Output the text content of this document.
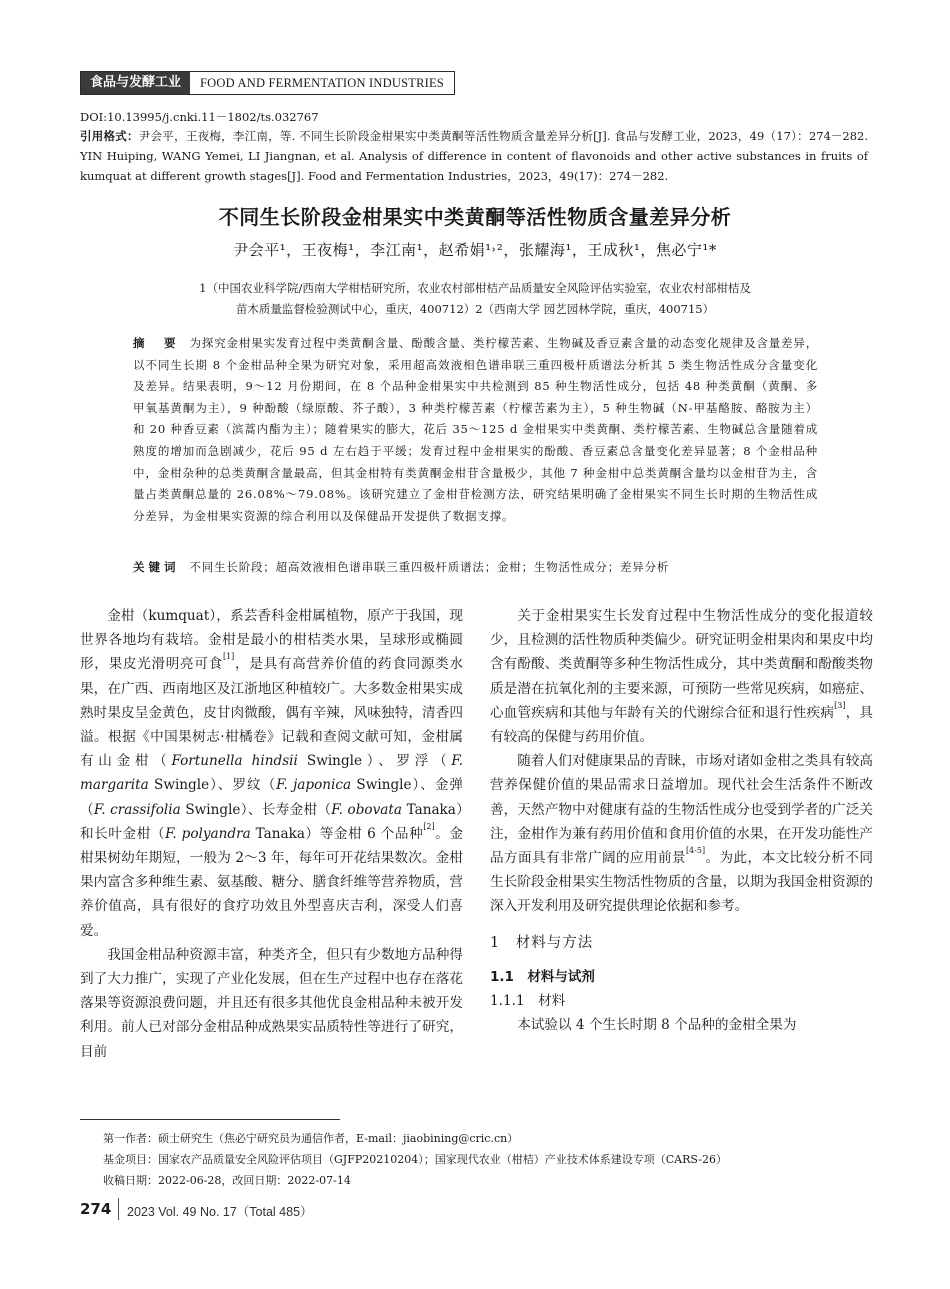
食品与发酵工业	FOOD AND FERMENTATION INDUSTRIES
DOI:10.13995/j.cnki.11－1802/ts.032767
引用格式：尹会平，王夜梅，李江南，等. 不同生长阶段金柑果实中类黄酮等活性物质含量差异分析[J]. 食品与发酵工业，2023，49（17）：274－282. YIN Huiping, WANG Yemei, LI Jiangnan, et al. Analysis of difference in content of flavonoids and other active substances in fruits of kumquat at different growth stages[J]. Food and Fermentation Industries，2023，49(17)：274－282.
不同生长阶段金柑果实中类黄酮等活性物质含量差异分析
尹会平¹，王夜梅¹，李江南¹，赵希娟¹˒²，张耀海¹，王成秋¹，焦必宁¹*
1（中国农业科学院/西南大学柑桔研究所，农业农村部柑桔产品质量安全风险评估实验室，农业农村部柑桔及
苗木质量监督检验测试中心，重庆，400712）2（西南大学 园艺园林学院，重庆，400715）
摘　要 为探究金柑果实发育过程中类黄酮含量、酚酸含量、类柠檬苦素、生物碱及香豆素含量的动态变化规律及含量差异，以不同生长期 8 个金柑品种全果为研究对象，采用超高效液相色谱串联三重四极杆质谱法分析其 5 类生物活性成分含量变化及差异。结果表明，9～12 月份期间，在 8 个品种金柑果实中共检测到 85 种生物活性成分，包括 48 种类黄酮（黄酮、多甲氧基黄酮为主），9 种酚酸（绿原酸、芥子酸），3 种类柠檬苦素（柠檬苦素为主），5 种生物碱（N-甲基酪胺、酪胺为主）和 20 种香豆素（滨蒿内酯为主）；随着果实的膨大，花后 35～125 d 金柑果实中类黄酮、类柠檬苦素、生物碱总含量随着成熟度的增加而急剧减少，花后 95 d 左右趋于平缓；发育过程中金柑果实的酚酸、香豆素总含量变化差异显著；8 个金柑品种中，金柑杂种的总类黄酮含量最高，但其金柑特有类黄酮金柑苷含量极少，其他 7 种金柑中总类黄酮含量均以金柑苷为主，含量占类黄酮总量的 26.08%～79.08%。该研究建立了金柑苷检测方法，研究结果明确了金柑果实不同生长时期的生物活性成分差异，为金柑果实资源的综合利用以及保健品开发提供了数据支撑。
关键词 不同生长阶段；超高效液相色谱串联三重四极杆质谱法；金柑；生物活性成分；差异分析

金柑（kumquat），系芸香科金柑属植物，原产于我国，现世界各地均有栽培。金柑是最小的柑桔类水果，呈球形或椭圆形，果皮光滑明亮可食[1]，是具有高营养价值的药食同源类水果，在广西、西南地区及江浙地区种植较广。大多数金柑果实成熟时果皮呈金黄色，皮甘肉微酸，偶有辛辣，风味独特，清香四溢。根据《中国果树志·柑橘卷》记载和查阅文献可知，金柑属有山金柑（Fortunella hindsii Swingle）、罗浮（F. margarita Swingle）、罗纹（F. japonica Swingle）、金弹（F. crassifolia Swingle）、长寿金柑（F. obovata Tanaka）和长叶金柑（F. polyandra Tanaka）等金柑 6 个品种[2]。金柑果树幼年期短，一般为 2～3 年，每年可开花结果数次。金柑果内富含多种维生素、氨基酸、糖分、膳食纤维等营养物质，营养价值高，具有很好的食疗功效且外型喜庆吉利，深受人们喜爱。

我国金柑品种资源丰富，种类齐全，但只有少数地方品种得到了大力推广，实现了产业化发展，但在生产过程中也存在落花落果等资源浪费问题，并且还有很多其他优良金柑品种未被开发利用。前人已对部分金柑品种成熟果实品质特性等进行了研究，目前

关于金柑果实生长发育过程中生物活性成分的变化报道较少，且检测的活性物质种类偏少。研究证明金柑果肉和果皮中均含有酚酸、类黄酮等多种生物活性成分，其中类黄酮和酚酸类物质是潜在抗氧化剂的主要来源，可预防一些常见疾病，如癌症、心血管疾病和其他与年龄有关的代谢综合征和退行性疾病[3]，具有较高的保健与药用价值。

随着人们对健康果品的青睐，市场对诸如金柑之类具有较高营养保健价值的果品需求日益增加。现代社会生活条件不断改善，天然产物中对健康有益的生物活性成分也受到学者的广泛关注，金柑作为兼有药用价值和食用价值的水果，在开发功能性产品方面具有非常广阔的应用前景[4-5]。为此，本文比较分析不同生长阶段金柑果实生物活性物质的含量，以期为我国金柑资源的深入开发利用及研究提供理论依据和参考。

1　材料与方法

1.1　材料与试剂

1.1.1　材料

本试验以 4 个生长时期 8 个品种的金柑全果为

第一作者：硕士研究生（焦必宁研究员为通信作者，E-mail：jiaobining@cric.cn）
基金项目：国家农产品质量安全风险评估项目（GJFP20210204）；国家现代农业（柑桔）产业技术体系建设专项（CARS-26）
收稿日期：2022-06-28，改回日期：2022-07-14
274 2023 Vol. 49 No. 17（Total 485）
